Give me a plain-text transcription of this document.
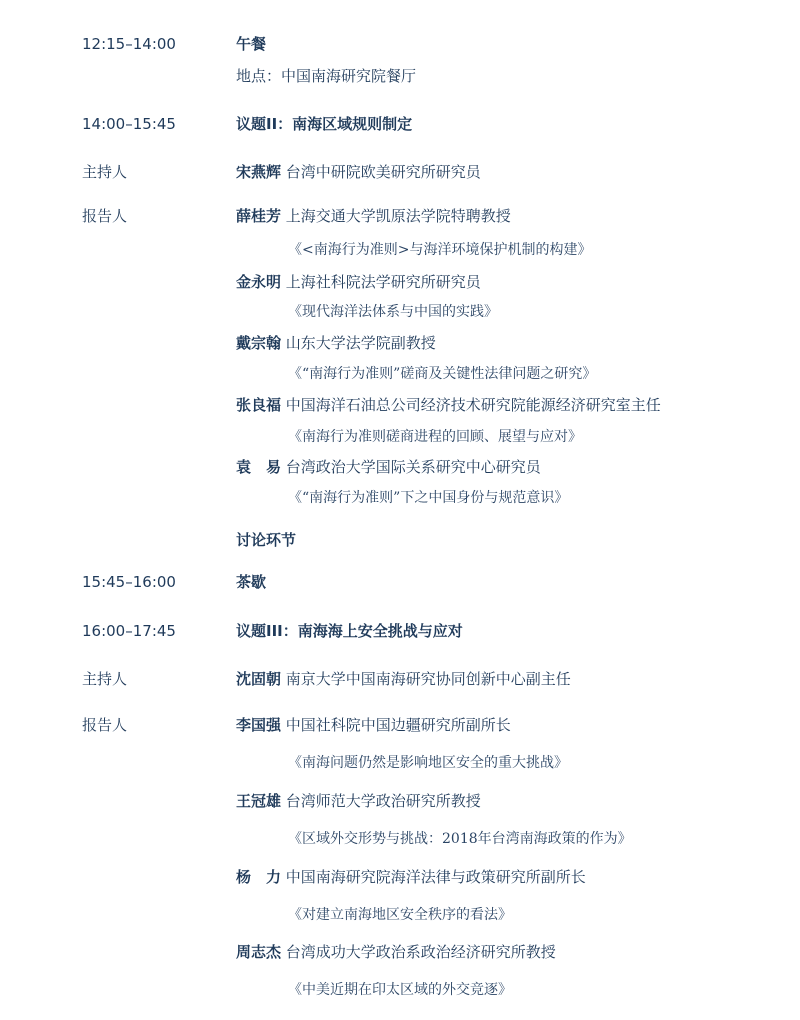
12:15–14:00	午餐
地点：中国南海研究院餐厅
14:00–15:45	议题II：南海区域规则制定
主持人	宋燕辉 台湾中研院欧美研究所研究员
报告人	薛桂芳 上海交通大学凯原法学院特聘教授
《<南海行为准则>与海洋环境保护机制的构建》
金永明 上海社科院法学研究所研究员
《现代海洋法体系与中国的实践》
戴宗翰 山东大学法学院副教授
《“南海行为准则”磋商及关键性法律问题之研究》
张良福 中国海洋石油总公司经济技术研究院能源经济研究室主任
《南海行为准则磋商进程的回顾、展望与应对》
袁　易 台湾政治大学国际关系研究中心研究员
《“南海行为准则”下之中国身份与规范意识》
讨论环节
15:45–16:00	茶歇
16:00–17:45	议题III：南海海上安全挑战与应对
主持人	沈固朝 南京大学中国南海研究协同创新中心副主任
报告人	李国强 中国社科院中国边疆研究所副所长
《南海问题仍然是影响地区安全的重大挑战》
王冠雄 台湾师范大学政治研究所教授
《区域外交形势与挑战：2018年台湾南海政策的作为》
杨　力 中国南海研究院海洋法律与政策研究所副所长
《对建立南海地区安全秩序的看法》
周志杰 台湾成功大学政治系政治经济研究所教授
《中美近期在印太区域的外交竞逐》
